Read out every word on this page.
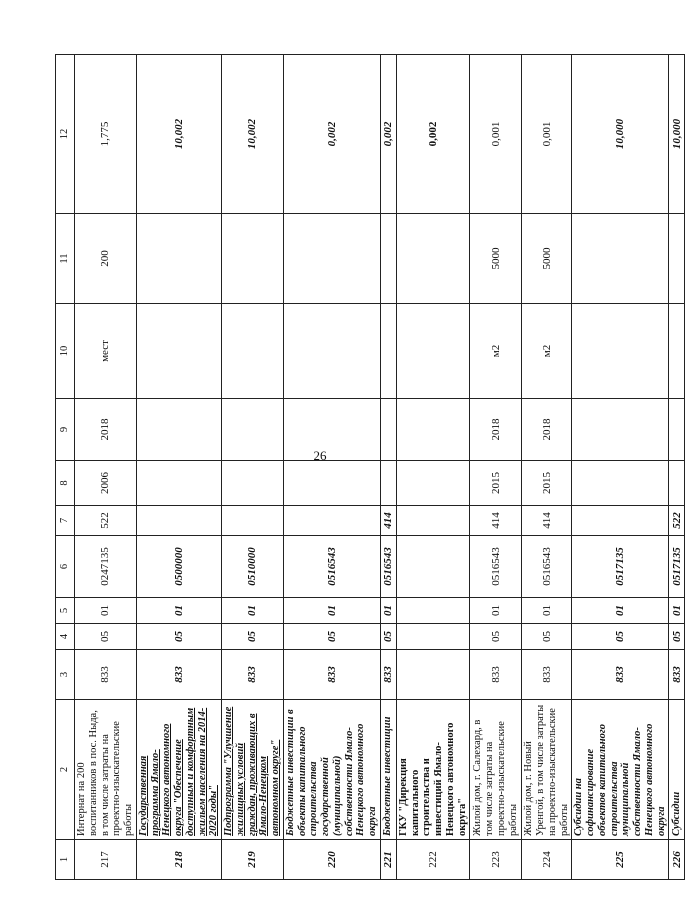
26
1	2	3	4	5	6	7	8	9	10	11	12
217	Интернат на 200 воспитанников в пос. Ныда, в том числе затраты на проектно-изыскательские работы	833	05	01	0247135	522	2006	2018	мест	200	1,775
218	Государственная программа Ямало-Ненецкого автономного округа "Обеспечение доступным и комфортным жильем населения на 2014-2020 годы"	833	05	01	0500000						10,002
219	Подпрограмма "Улучшение жилищных условий граждан, проживающих в Ямало-Ненецком автономном округе"	833	05	01	0510000						10,002
220	Бюджетные инвестиции в объекты капитального строительства государственной (муниципальной) собственности Ямало-Ненецкого автономного округа	833	05	01	0516543						0,002
221	Бюджетные инвестиции	833	05	01	0516543	414					0,002
222	ГКУ "Дирекция капитального строительства и инвестиций Ямало-Ненецкого автономного округа"										0,002
223	Жилой дом, г. Салехард, в том числе затраты на проектно-изыскательские работы	833	05	01	0516543	414	2015	2018	м2	5000	0,001
224	Жилой дом, г. Новый Уренгой, в том числе затраты на проектно-изыскательские работы	833	05	01	0516543	414	2015	2018	м2	5000	0,001
225	Субсидии на софинансирование объектов капитального строительства муниципальной собственности Ямало-Ненецкого автономного округа	833	05	01	0517135						10,000
226	Субсидии	833	05	01	0517135	522					10,000
